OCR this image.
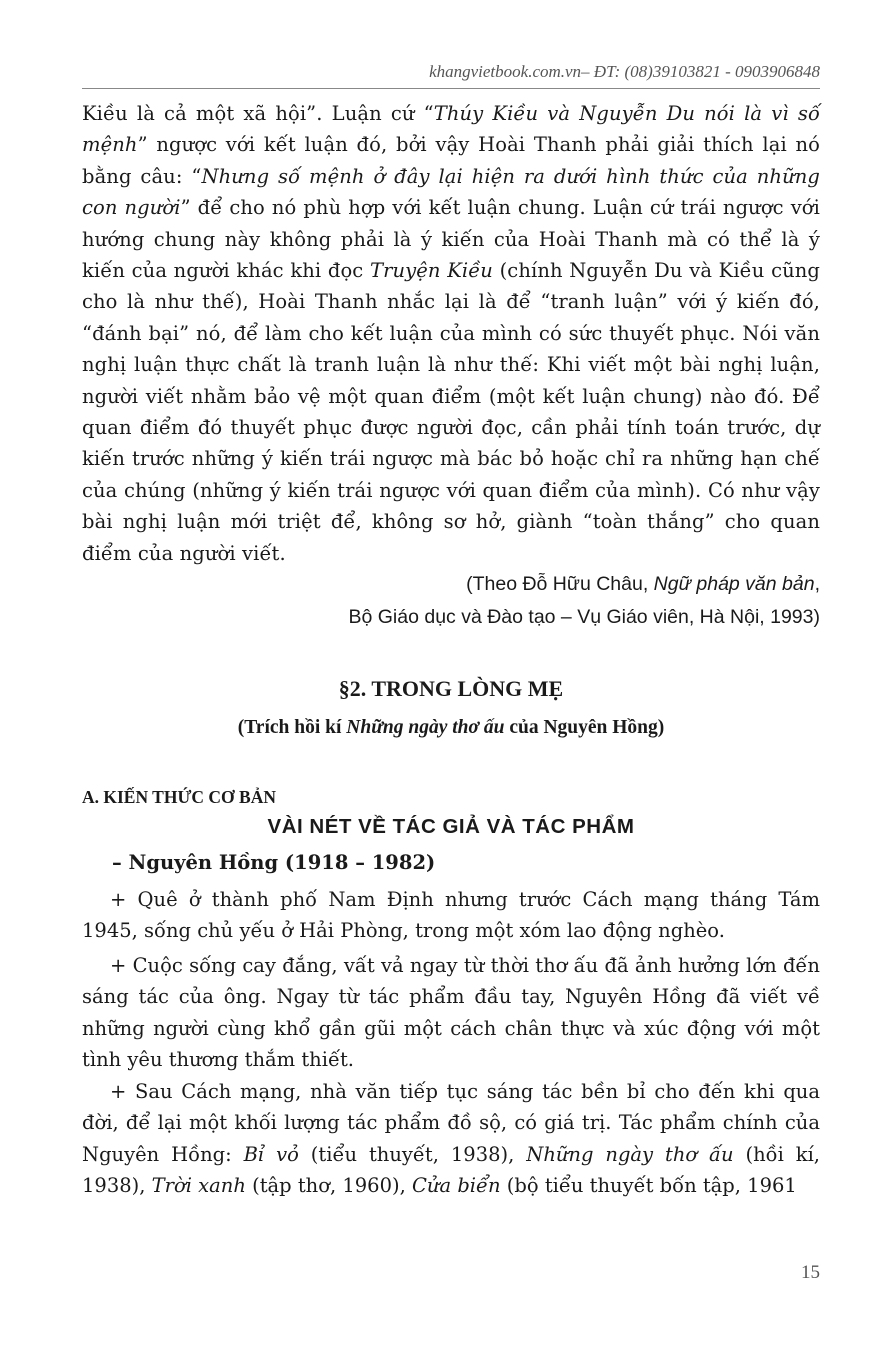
khangvietbook.com.vn– ĐT: (08)39103821 - 0903906848

Kiều là cả một xã hội”. Luận cứ “Thúy Kiều và Nguyễn Du nói là vì số mệnh” ngược với kết luận đó, bởi vậy Hoài Thanh phải giải thích lại nó bằng câu: “Nhưng số mệnh ở đây lại hiện ra dưới hình thức của những con người” để cho nó phù hợp với kết luận chung. Luận cứ trái ngược với hướng chung này không phải là ý kiến của Hoài Thanh mà có thể là ý kiến của người khác khi đọc Truyện Kiều (chính Nguyễn Du và Kiều cũng cho là như thế), Hoài Thanh nhắc lại là để “tranh luận” với ý kiến đó, “đánh bại” nó, để làm cho kết luận của mình có sức thuyết phục. Nói văn nghị luận thực chất là tranh luận là như thế: Khi viết một bài nghị luận, người viết nhằm bảo vệ một quan điểm (một kết luận chung) nào đó. Để quan điểm đó thuyết phục được người đọc, cần phải tính toán trước, dự kiến trước những ý kiến trái ngược mà bác bỏ hoặc chỉ ra những hạn chế của chúng (những ý kiến trái ngược với quan điểm của mình). Có như vậy bài nghị luận mới triệt để, không sơ hở, giành “toàn thắng” cho quan điểm của người viết.

(Theo Đỗ Hữu Châu, Ngữ pháp văn bản,
Bộ Giáo dục và Đào tạo – Vụ Giáo viên, Hà Nội, 1993)
§2. TRONG LÒNG MẸ
(Trích hồi kí Những ngày thơ ấu của Nguyên Hồng)
A. KIẾN THỨC CƠ BẢN
VÀI NÉT VỀ TÁC GIẢ VÀ TÁC PHẨM
– Nguyên Hồng (1918 – 1982)

+ Quê ở thành phố Nam Định nhưng trước Cách mạng tháng Tám 1945, sống chủ yếu ở Hải Phòng, trong một xóm lao động nghèo.

+ Cuộc sống cay đắng, vất vả ngay từ thời thơ ấu đã ảnh hưởng lớn đến sáng tác của ông. Ngay từ tác phẩm đầu tay, Nguyên Hồng đã viết về những người cùng khổ gần gũi một cách chân thực và xúc động với một tình yêu thương thắm thiết.

+ Sau Cách mạng, nhà văn tiếp tục sáng tác bền bỉ cho đến khi qua đời, để lại một khối lượng tác phẩm đồ sộ, có giá trị. Tác phẩm chính của Nguyên Hồng: Bỉ vỏ (tiểu thuyết, 1938), Những ngày thơ ấu (hồi kí, 1938), Trời xanh (tập thơ, 1960), Cửa biển (bộ tiểu thuyết bốn tập, 1961

15
